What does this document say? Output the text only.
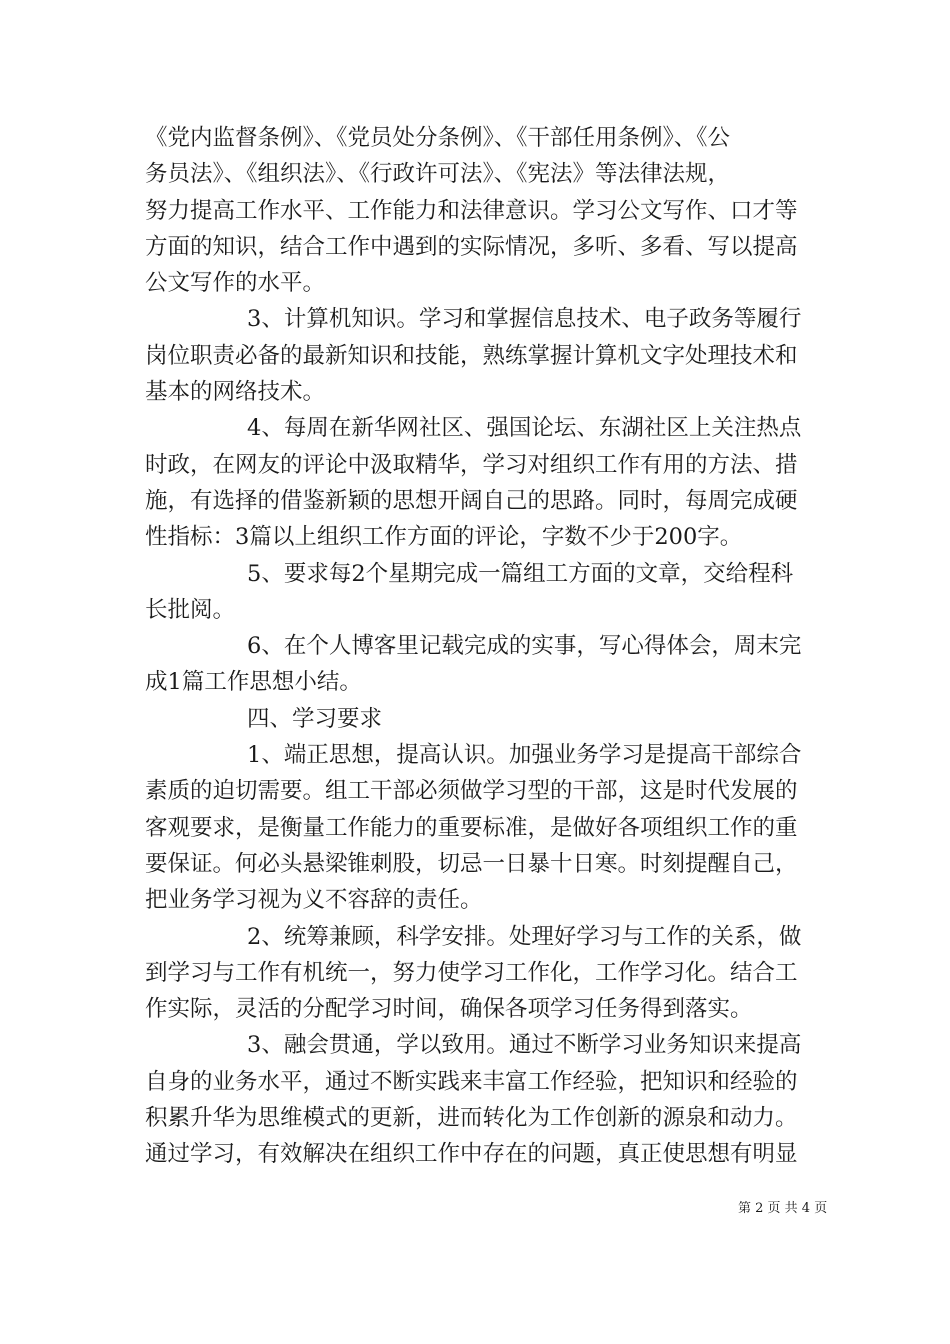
《党内监督条例》、《党员处分条例》、《干部任用条例》、《公
务员法》、《组织法》、《行政许可法》、《宪法》等法律法规，
努力提高工作水平、工作能力和法律意识。学习公文写作、口才等
方面的知识，结合工作中遇到的实际情况，多听、多看、写以提高
公文写作的水平。
3、计算机知识。学习和掌握信息技术、电子政务等履行
岗位职责必备的最新知识和技能，熟练掌握计算机文字处理技术和
基本的网络技术。
4、每周在新华网社区、强国论坛、东湖社区上关注热点
时政，在网友的评论中汲取精华，学习对组织工作有用的方法、措
施，有选择的借鉴新颖的思想开阔自己的思路。同时，每周完成硬
性指标：3篇以上组织工作方面的评论，字数不少于200字。
5、要求每2个星期完成一篇组工方面的文章，交给程科
长批阅。
6、在个人博客里记载完成的实事，写心得体会，周末完
成1篇工作思想小结。
四、学习要求
1、端正思想，提高认识。加强业务学习是提高干部综合
素质的迫切需要。组工干部必须做学习型的干部，这是时代发展的
客观要求，是衡量工作能力的重要标准，是做好各项组织工作的重
要保证。何必头悬梁锥刺股，切忌一日暴十日寒。时刻提醒自己，
把业务学习视为义不容辞的责任。
2、统筹兼顾，科学安排。处理好学习与工作的关系，做
到学习与工作有机统一，努力使学习工作化，工作学习化。结合工
作实际，灵活的分配学习时间，确保各项学习任务得到落实。
3、融会贯通，学以致用。通过不断学习业务知识来提高
自身的业务水平，通过不断实践来丰富工作经验，把知识和经验的
积累升华为思维模式的更新，进而转化为工作创新的源泉和动力。
通过学习，有效解决在组织工作中存在的问题，真正使思想有明显
第 2 页 共 4 页
